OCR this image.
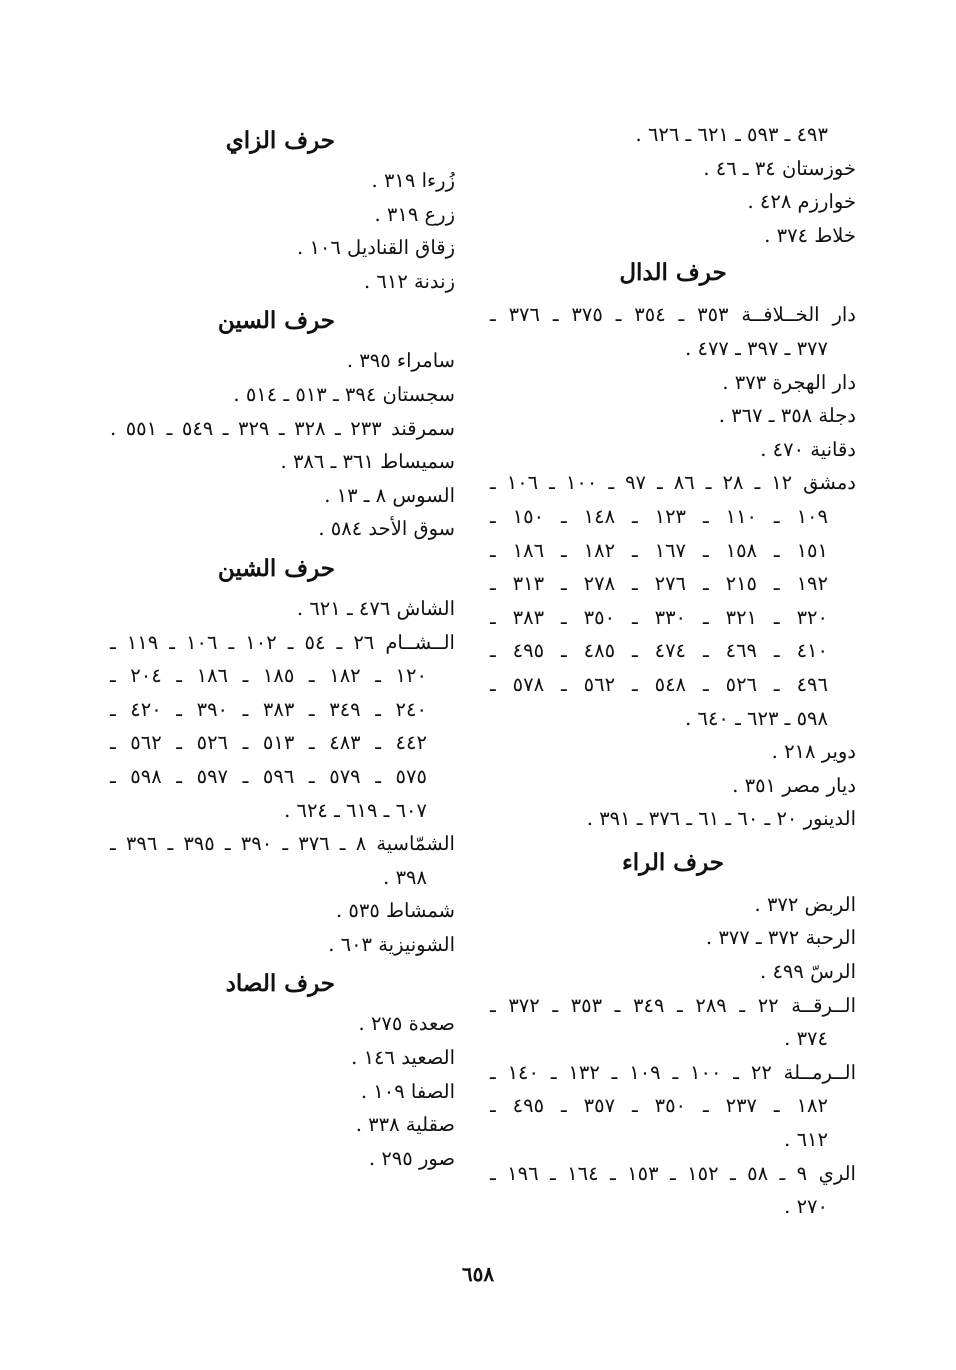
٤٩٣ ـ ٥٩٣ ـ ٦٢١ ـ ٦٢٦ .
خوزستان ٣٤ ـ ٤٦ .
خوارزم ٤٢٨ .
خلاط ٣٧٤ .
حرف الدال
دار الخــلافــة ٣٥٣ ـ ٣٥٤ ـ ٣٧٥ ـ ٣٧٦ ـ
٣٧٧ ـ ٣٩٧ ـ ٤٧٧ .
دار الهجرة ٣٧٣ .
دجلة ٣٥٨ ـ ٣٦٧ .
دقانية ٤٧٠ .
دمشق ١٢ ـ ٢٨ ـ ٨٦ ـ ٩٧ ـ ١٠٠ ـ ١٠٦ ـ
١٠٩ ـ ١١٠ ـ ١٢٣ ـ ١٤٨ ـ ١٥٠ ـ
١٥١ ـ ١٥٨ ـ ١٦٧ ـ ١٨٢ ـ ١٨٦ ـ
١٩٢ ـ ٢١٥ ـ ٢٧٦ ـ ٢٧٨ ـ ٣١٣ ـ
٣٢٠ ـ ٣٢١ ـ ٣٣٠ ـ ٣٥٠ ـ ٣٨٣ ـ
٤١٠ ـ ٤٦٩ ـ ٤٧٤ ـ ٤٨٥ ـ ٤٩٥ ـ
٤٩٦ ـ ٥٢٦ ـ ٥٤٨ ـ ٥٦٢ ـ ٥٧٨ ـ
٥٩٨ ـ ٦٢٣ ـ ٦٤٠ .
دوير ٢١٨ .
ديار مصر ٣٥١ .
الدينور ٢٠ ـ ٦٠ ـ ٦١ ـ ٣٧٦ ـ ٣٩١ .
حرف الراء
الربض ٣٧٢ .
الرحبة ٣٧٢ ـ ٣٧٧ .
الرسّ ٤٩٩ .
الــرقــة ٢٢ ـ ٢٨٩ ـ ٣٤٩ ـ ٣٥٣ ـ ٣٧٢ ـ
٣٧٤ .
الــرمــلة ٢٢ ـ ١٠٠ ـ ١٠٩ ـ ١٣٢ ـ ١٤٠ ـ
١٨٢ ـ ٢٣٧ ـ ٣٥٠ ـ ٣٥٧ ـ ٤٩٥ ـ
٦١٢ .
الري ٩ ـ ٥٨ ـ ١٥٢ ـ ١٥٣ ـ ١٦٤ ـ ١٩٦ ـ
٢٧٠ .
حرف الزاي
زُرءا ٣١٩ .
زرع ٣١٩ .
زقاق القناديل ١٠٦ .
زندنة ٦١٢ .
حرف السين
سامراء ٣٩٥ .
سجستان ٣٩٤ ـ ٥١٣ ـ ٥١٤ .
سمرقند ٢٣٣ ـ ٣٢٨ ـ ٣٢٩ ـ ٥٤٩ ـ ٥٥١ .
سميساط ٣٦١ ـ ٣٨٦ .
السوس ٨ ـ ١٣ .
سوق الأحد ٥٨٤ .
حرف الشين
الشاش ٤٧٦ ـ ٦٢١ .
الــشــام ٢٦ ـ ٥٤ ـ ١٠٢ ـ ١٠٦ ـ ١١٩ ـ
١٢٠ ـ ١٨٢ ـ ١٨٥ ـ ١٨٦ ـ ٢٠٤ ـ
٢٤٠ ـ ٣٤٩ ـ ٣٨٣ ـ ٣٩٠ ـ ٤٢٠ ـ
٤٤٢ ـ ٤٨٣ ـ ٥١٣ ـ ٥٢٦ ـ ٥٦٢ ـ
٥٧٥ ـ ٥٧٩ ـ ٥٩٦ ـ ٥٩٧ ـ ٥٩٨ ـ
٦٠٧ ـ ٦١٩ ـ ٦٢٤ .
الشمّاسية ٨ ـ ٣٧٦ ـ ٣٩٠ ـ ٣٩٥ ـ ٣٩٦ ـ
٣٩٨ .
شمشاط ٥٣٥ .
الشونيزية ٦٠٣ .
حرف الصاد
صعدة ٢٧٥ .
الصعيد ١٤٦ .
الصفا ١٠٩ .
صقلية ٣٣٨ .
صور ٢٩٥ .
٦٥٨
